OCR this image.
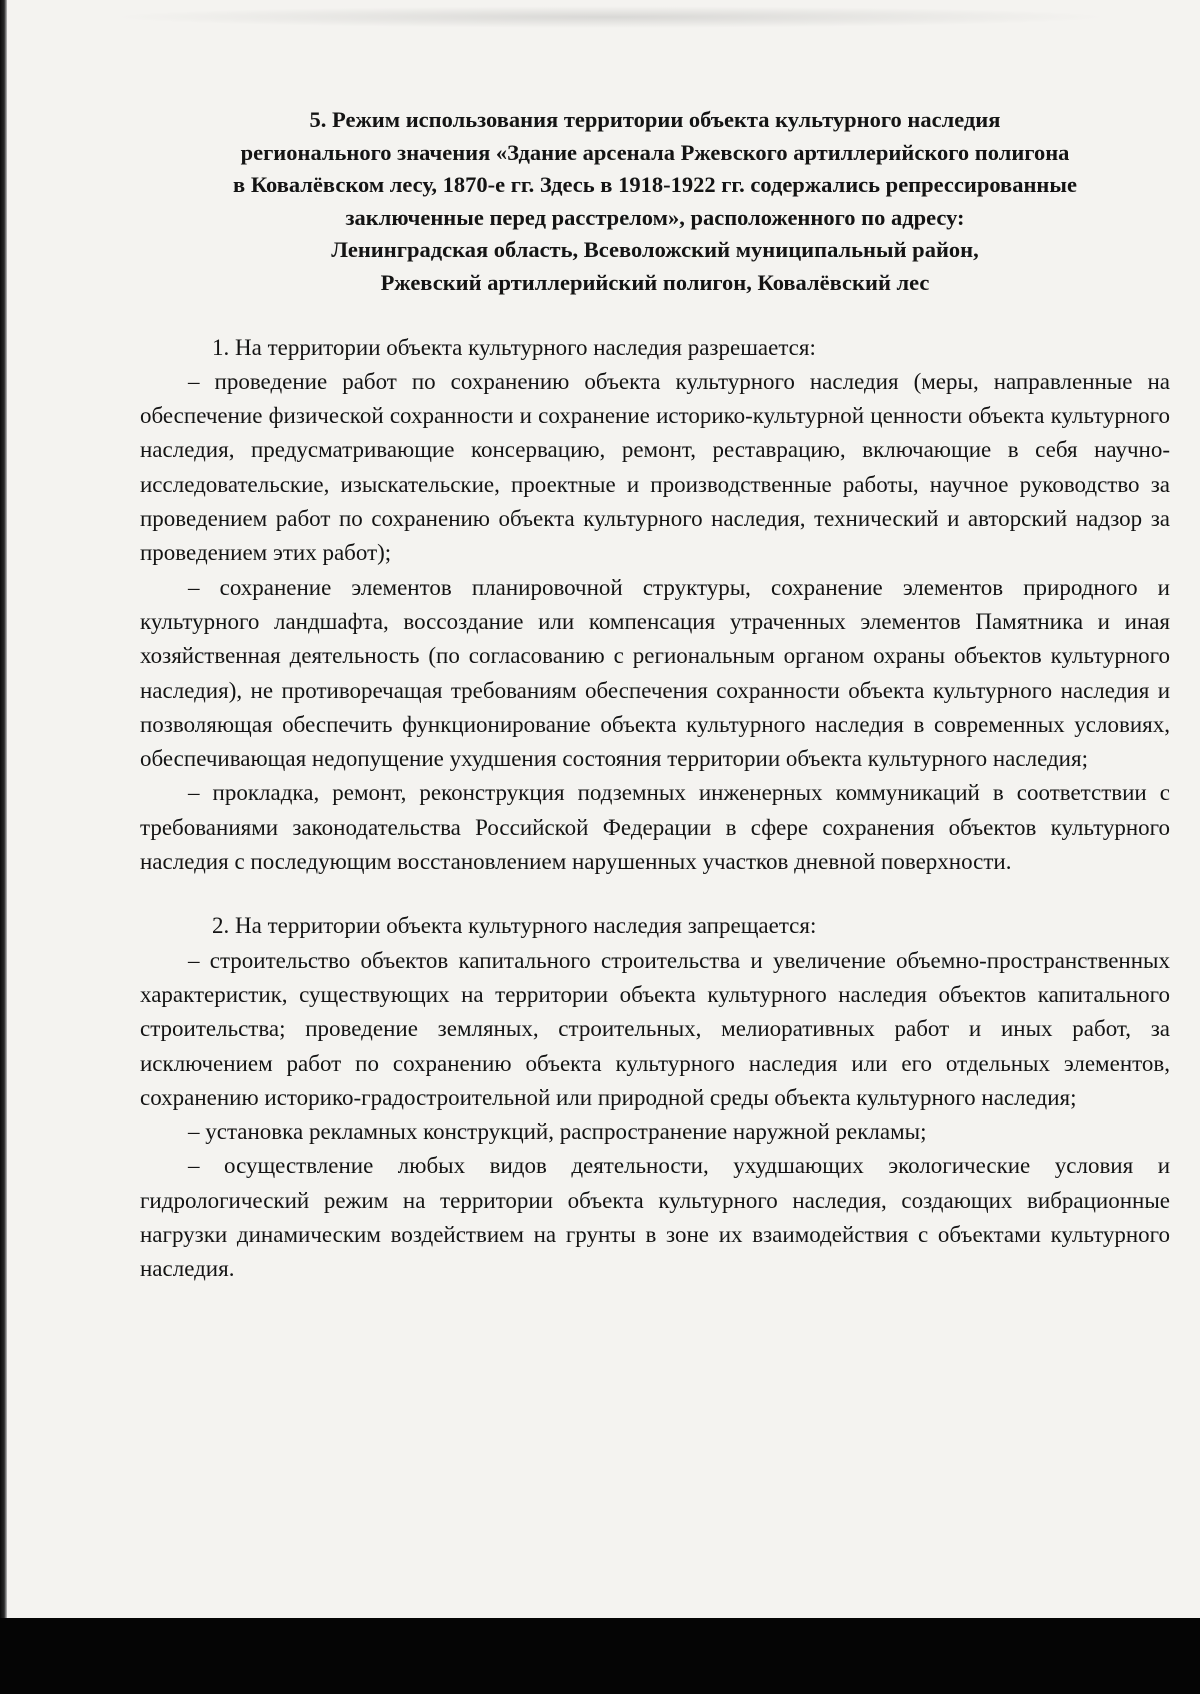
5. Режим использования территории объекта культурного наследия
регионального значения «Здание арсенала Ржевского артиллерийского полигона
в Ковалёвском лесу, 1870-е гг. Здесь в 1918-1922 гг. содержались репрессированные
заключенные перед расстрелом», расположенного по адресу:
Ленинградская область, Всеволожский муниципальный район,
Ржевский артиллерийский полигон, Ковалёвский лес

1. На территории объекта культурного наследия разрешается:

– проведение работ по сохранению объекта культурного наследия (меры, направленные на обеспечение физической сохранности и сохранение историко-культурной ценности объекта культурного наследия, предусматривающие консервацию, ремонт, реставрацию, включающие в себя научно-исследовательские, изыскательские, проектные и производственные работы, научное руководство за проведением работ по сохранению объекта культурного наследия, технический и авторский надзор за проведением этих работ);

– сохранение элементов планировочной структуры, сохранение элементов природного и культурного ландшафта, воссоздание или компенсация утраченных элементов Памятника и иная хозяйственная деятельность (по согласованию с региональным органом охраны объектов культурного наследия), не противоречащая требованиям обеспечения сохранности объекта культурного наследия и позволяющая обеспечить функционирование объекта культурного наследия в современных условиях, обеспечивающая недопущение ухудшения состояния территории объекта культурного наследия;

– прокладка, ремонт, реконструкция подземных инженерных коммуникаций в соответствии с требованиями законодательства Российской Федерации в сфере сохранения объектов культурного наследия с последующим восстановлением нарушенных участков дневной поверхности.

2. На территории объекта культурного наследия запрещается:

– строительство объектов капитального строительства и увеличение объемно-пространственных характеристик, существующих на территории объекта культурного наследия объектов капитального строительства; проведение земляных, строительных, мелиоративных работ и иных работ, за исключением работ по сохранению объекта культурного наследия или его отдельных элементов, сохранению историко-градостроительной или природной среды объекта культурного наследия;

– установка рекламных конструкций, распространение наружной рекламы;

– осуществление любых видов деятельности, ухудшающих экологические условия и гидрологический режим на территории объекта культурного наследия, создающих вибрационные нагрузки динамическим воздействием на грунты в зоне их взаимодействия с объектами культурного наследия.
